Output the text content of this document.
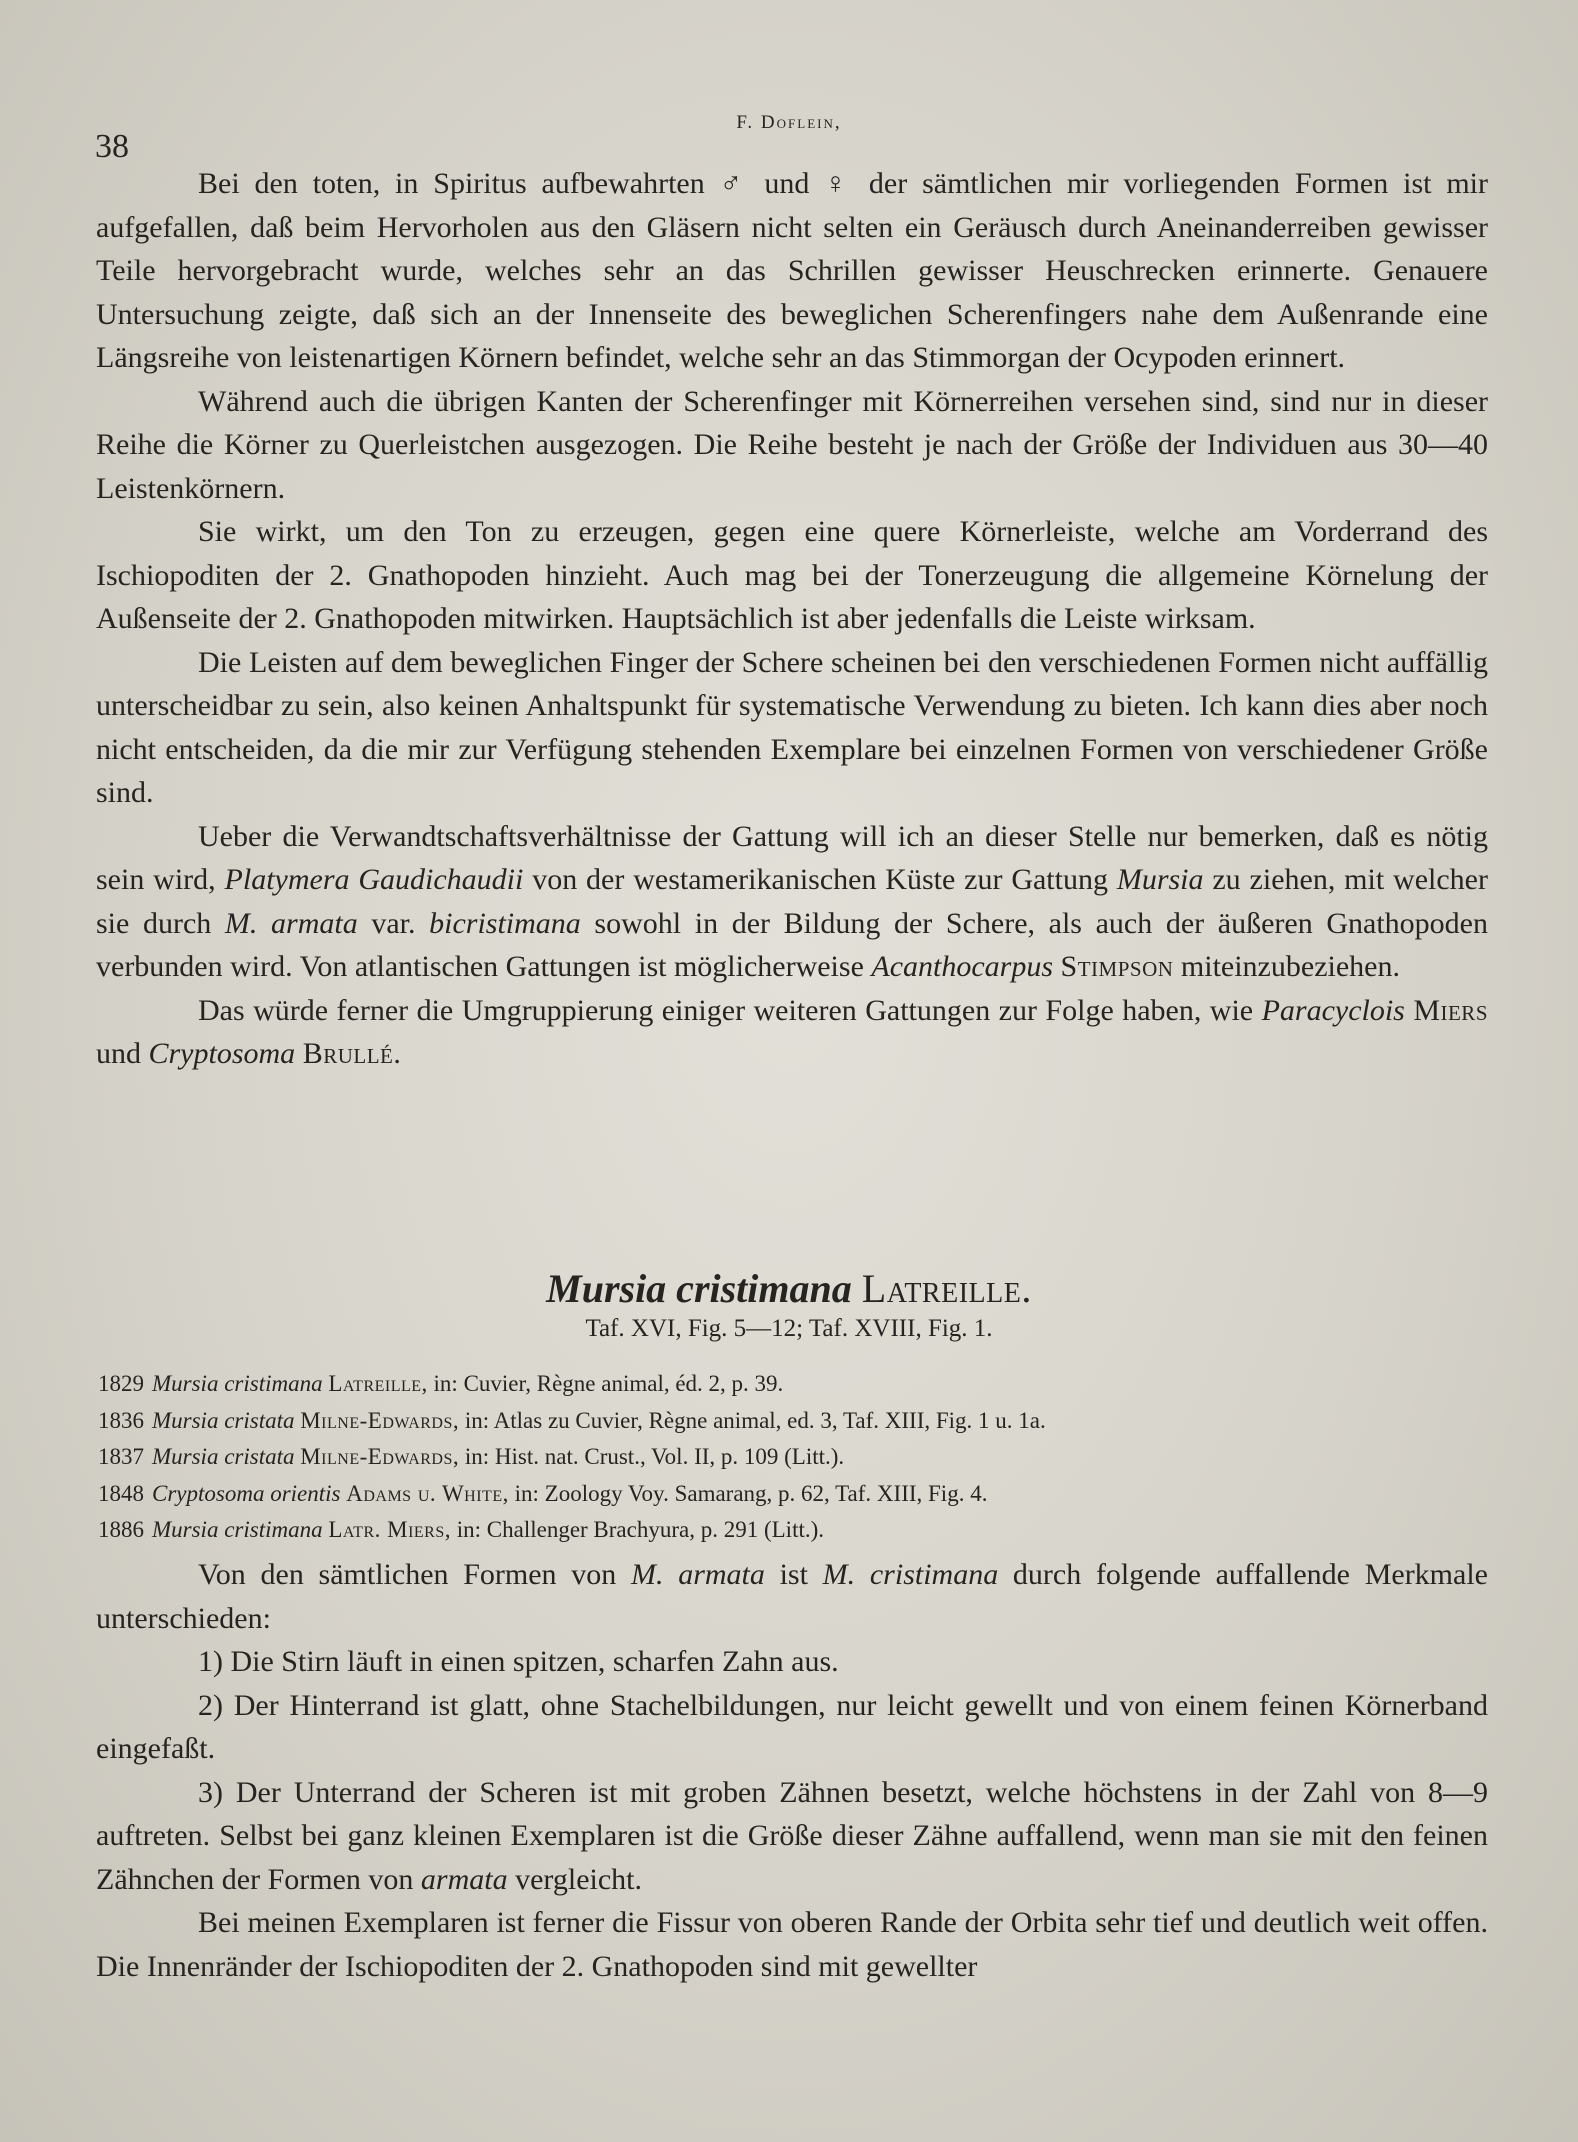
38
F. Doflein,

Bei den toten, in Spiritus aufbewahrten ♂ und ♀ der sämtlichen mir vorliegenden Formen ist mir aufgefallen, daß beim Hervorholen aus den Gläsern nicht selten ein Geräusch durch Aneinanderreiben gewisser Teile hervorgebracht wurde, welches sehr an das Schrillen gewisser Heuschrecken erinnerte. Genauere Untersuchung zeigte, daß sich an der Innenseite des beweglichen Scherenfingers nahe dem Außenrande eine Längsreihe von leistenartigen Körnern befindet, welche sehr an das Stimmorgan der Ocypoden erinnert.

Während auch die übrigen Kanten der Scherenfinger mit Körnerreihen versehen sind, sind nur in dieser Reihe die Körner zu Querleistchen ausgezogen. Die Reihe besteht je nach der Größe der Individuen aus 30—40 Leistenkörnern.

Sie wirkt, um den Ton zu erzeugen, gegen eine quere Körnerleiste, welche am Vorderrand des Ischiopoditen der 2. Gnathopoden hinzieht. Auch mag bei der Tonerzeugung die allgemeine Körnelung der Außenseite der 2. Gnathopoden mitwirken. Hauptsächlich ist aber jedenfalls die Leiste wirksam.

Die Leisten auf dem beweglichen Finger der Schere scheinen bei den verschiedenen Formen nicht auffällig unterscheidbar zu sein, also keinen Anhaltspunkt für systematische Verwendung zu bieten. Ich kann dies aber noch nicht entscheiden, da die mir zur Verfügung stehenden Exemplare bei einzelnen Formen von verschiedener Größe sind.

Ueber die Verwandtschaftsverhältnisse der Gattung will ich an dieser Stelle nur bemerken, daß es nötig sein wird, Platymera Gaudichaudii von der westamerikanischen Küste zur Gattung Mursia zu ziehen, mit welcher sie durch M. armata var. bicristimana sowohl in der Bildung der Schere, als auch der äußeren Gnathopoden verbunden wird. Von atlantischen Gattungen ist möglicherweise Acanthocarpus Stimpson miteinzubeziehen.

Das würde ferner die Umgruppierung einiger weiteren Gattungen zur Folge haben, wie Paracyclois Miers und Cryptosoma Brullé.

Mursia cristimana Latreille.
Taf. XVI, Fig. 5—12; Taf. XVIII, Fig. 1.
1829 Mursia cristimana Latreille, in: Cuvier, Règne animal, éd. 2, p. 39.
1836 Mursia cristata Milne-Edwards, in: Atlas zu Cuvier, Règne animal, ed. 3, Taf. XIII, Fig. 1 u. 1a.
1837 Mursia cristata Milne-Edwards, in: Hist. nat. Crust., Vol. II, p. 109 (Litt.).
1848 Cryptosoma orientis Adams u. White, in: Zoology Voy. Samarang, p. 62, Taf. XIII, Fig. 4.
1886 Mursia cristimana Latr. Miers, in: Challenger Brachyura, p. 291 (Litt.).

Von den sämtlichen Formen von M. armata ist M. cristimana durch folgende auffallende Merkmale unterschieden:

1) Die Stirn läuft in einen spitzen, scharfen Zahn aus.

2) Der Hinterrand ist glatt, ohne Stachelbildungen, nur leicht gewellt und von einem feinen Körnerband eingefaßt.

3) Der Unterrand der Scheren ist mit groben Zähnen besetzt, welche höchstens in der Zahl von 8—9 auftreten. Selbst bei ganz kleinen Exemplaren ist die Größe dieser Zähne auffallend, wenn man sie mit den feinen Zähnchen der Formen von armata vergleicht.

Bei meinen Exemplaren ist ferner die Fissur von oberen Rande der Orbita sehr tief und deutlich weit offen. Die Innenränder der Ischiopoditen der 2. Gnathopoden sind mit gewellter
